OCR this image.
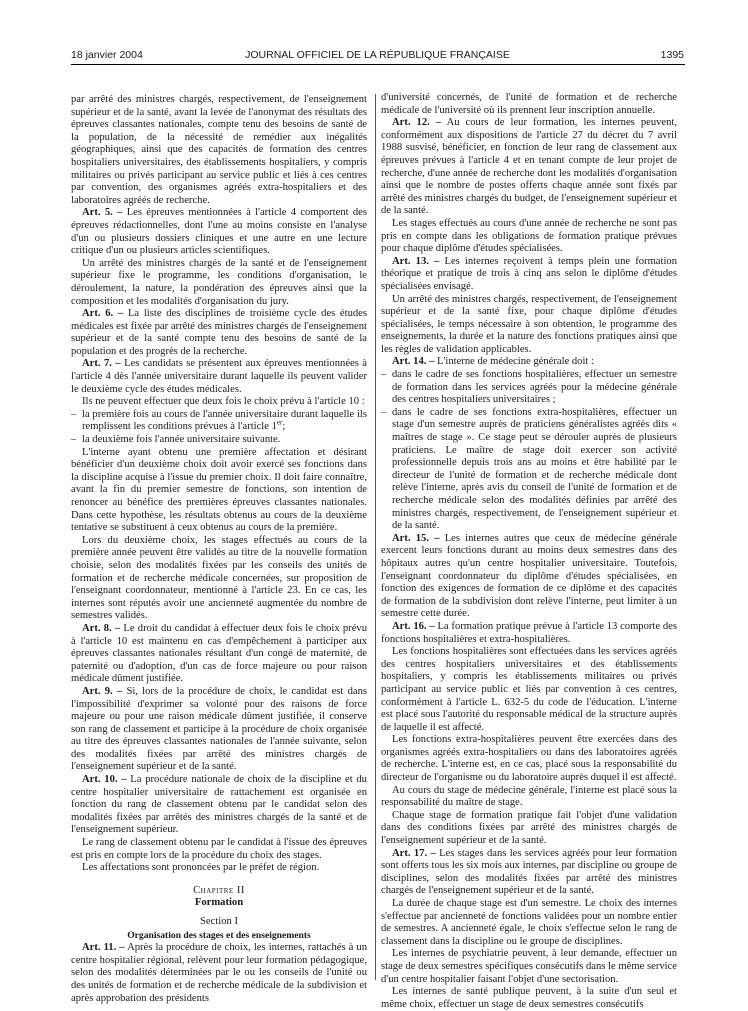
18 janvier 2004	JOURNAL OFFICIEL DE LA RÉPUBLIQUE FRANÇAISE	1395

par arrêté des ministres chargés, respectivement, de l'enseignement supérieur et de la santé, avant la levée de l'anonymat des résultats des épreuves classantes nationales, compte tenu des besoins de santé de la population, de la nécessité de remédier aux inégalités géographiques, ainsi que des capacités de formation des centres hospitaliers universitaires, des établissements hospitaliers, y compris militaires ou privés participant au service public et liés à ces centres par convention, des organismes agréés extra-hospitaliers et des laboratoires agréés de recherche.

Art. 5. – Les épreuves mentionnées à l'article 4 comportent des épreuves rédactionnelles, dont l'une au moins consiste en l'analyse d'un ou plusieurs dossiers cliniques et une autre en une lecture critique d'un ou plusieurs articles scientifiques.

Un arrêté des ministres chargés de la santé et de l'enseignement supérieur fixe le programme, les conditions d'organisation, le déroulement, la nature, la pondération des épreuves ainsi que la composition et les modalités d'organisation du jury.

Art. 6. – La liste des disciplines de troisième cycle des études médicales est fixée par arrêté des ministres chargés de l'enseignement supérieur et de la santé compte tenu des besoins de santé de la population et des progrès de la recherche.

Art. 7. – Les candidats se présentent aux épreuves mentionnées à l'article 4 dès l'année universitaire durant laquelle ils peuvent valider le deuxième cycle des études médicales.

Ils ne peuvent effectuer que deux fois le choix prévu à l'article 10 :

– la première fois au cours de l'année universitaire durant laquelle ils remplissent les conditions prévues à l'article 1er;
– la deuxième fois l'année universitaire suivante.

L'interne ayant obtenu une première affectation et désirant bénéficier d'un deuxième choix doit avoir exercé ses fonctions dans la discipline acquise à l'issue du premier choix. Il doit faire connaître, avant la fin du premier semestre de fonctions, son intention de renoncer au bénéfice des premières épreuves classantes nationales. Dans cette hypothèse, les résultats obtenus au cours de la deuxième tentative se substituent à ceux obtenus au cours de la première.

Lors du deuxième choix, les stages effectués au cours de la première année peuvent être validés au titre de la nouvelle formation choisie, selon des modalités fixées par les conseils des unités de formation et de recherche médicale concernées, sur proposition de l'enseignant coordonnateur, mentionné à l'article 23. En ce cas, les internes sont réputés avoir une ancienneté augmentée du nombre de semestres validés.

Art. 8. – Le droit du candidat à effectuer deux fois le choix prévu à l'article 10 est maintenu en cas d'empêchement à participer aux épreuves classantes nationales résultant d'un congé de maternité, de paternité ou d'adoption, d'un cas de force majeure ou pour raison médicale dûment justifiée.

Art. 9. – Si, lors de la procédure de choix, le candidat est dans l'impossibilité d'exprimer sa volonté pour des raisons de force majeure ou pour une raison médicale dûment justifiée, il conserve son rang de classement et participe à la procédure de choix organisée au titre des épreuves classantes nationales de l'année suivante, selon des modalités fixées par arrêté des ministres chargés de l'enseignement supérieur et de la santé.

Art. 10. – La procédure nationale de choix de la discipline et du centre hospitalier universitaire de rattachement est organisée en fonction du rang de classement obtenu par le candidat selon des modalités fixées par arrêtés des ministres chargés de la santé et de l'enseignement supérieur.

Le rang de classement obtenu par le candidat à l'issue des épreuves est pris en compte lors de la procédure du choix des stages.

Les affectations sont prononcées par le préfet de région.

Chapitre II
Formation
Section I
Organisation des stages et des enseignements

Art. 11. – Après la procédure de choix, les internes, rattachés à un centre hospitalier régional, relèvent pour leur formation pédagogique, selon des modalités déterminées par le ou les conseils de l'unité ou des unités de formation et de recherche médicale de la subdivision et après approbation des présidents

d'université concernés, de l'unité de formation et de recherche médicale de l'université où ils prennent leur inscription annuelle.

Art. 12. – Au cours de leur formation, les internes peuvent, conformément aux dispositions de l'article 27 du décret du 7 avril 1988 susvisé, bénéficier, en fonction de leur rang de classement aux épreuves prévues à l'article 4 et en tenant compte de leur projet de recherche, d'une année de recherche dont les modalités d'organisation ainsi que le nombre de postes offerts chaque année sont fixés par arrêté des ministres chargés du budget, de l'enseignement supérieur et de la santé.

Les stages effectués au cours d'une année de recherche ne sont pas pris en compte dans les obligations de formation pratique prévues pour chaque diplôme d'études spécialisées.

Art. 13. – Les internes reçoivent à temps plein une formation théorique et pratique de trois à cinq ans selon le diplôme d'études spécialisées envisagé.

Un arrêté des ministres chargés, respectivement, de l'enseignement supérieur et de la santé fixe, pour chaque diplôme d'études spécialisées, le temps nécessaire à son obtention, le programme des enseignements, la durée et la nature des fonctions pratiques ainsi que les règles de validation applicables.

Art. 14. – L'interne de médecine générale doit :

– dans le cadre de ses fonctions hospitalières, effectuer un semestre de formation dans les services agréés pour la médecine générale des centres hospitaliers universitaires ;
– dans le cadre de ses fonctions extra-hospitalières, effectuer un stage d'un semestre auprès de praticiens généralistes agréés dits « maîtres de stage ». Ce stage peut se dérouler auprès de plusieurs praticiens. Le maître de stage doit exercer son activité professionnelle depuis trois ans au moins et être habilité par le directeur de l'unité de formation et de recherche médicale dont relève l'interne, après avis du conseil de l'unité de formation et de recherche médicale selon des modalités définies par arrêté des ministres chargés, respectivement, de l'enseignement supérieur et de la santé.

Art. 15. – Les internes autres que ceux de médecine générale exercent leurs fonctions durant au moins deux semestres dans des hôpitaux autres qu'un centre hospitalier universitaire. Toutefois, l'enseignant coordonnateur du diplôme d'études spécialisées, en fonction des exigences de formation de ce diplôme et des capacités de formation de la subdivision dont relève l'interne, peut limiter à un semestre cette durée.

Art. 16. – La formation pratique prévue à l'article 13 comporte des fonctions hospitalières et extra-hospitalières.

Les fonctions hospitalières sont effectuées dans les services agréés des centres hospitaliers universitaires et des établissements hospitaliers, y compris les établissements militaires ou privés participant au service public et liés par convention à ces centres, conformément à l'article L. 632-5 du code de l'éducation. L'interne est placé sous l'autorité du responsable médical de la structure auprès de laquelle il est affecté.

Les fonctions extra-hospitalières peuvent être exercées dans des organismes agréés extra-hospitaliers ou dans des laboratoires agréés de recherche. L'interne est, en ce cas, placé sous la responsabilité du directeur de l'organisme ou du laboratoire auprès duquel il est affecté.

Au cours du stage de médecine générale, l'interne est placé sous la responsabilité du maître de stage.

Chaque stage de formation pratique fait l'objet d'une validation dans des conditions fixées par arrêté des ministres chargés de l'enseignement supérieur et de la santé.

Art. 17. – Les stages dans les services agréés pour leur formation sont offerts tous les six mois aux internes, par discipline ou groupe de disciplines, selon des modalités fixées par arrêté des ministres chargés de l'enseignement supérieur et de la santé.

La durée de chaque stage est d'un semestre. Le choix des internes s'effectue par ancienneté de fonctions validées pour un nombre entier de semestres. A ancienneté égale, le choix s'effectue selon le rang de classement dans la discipline ou le groupe de disciplines.

Les internes de psychiatrie peuvent, à leur demande, effectuer un stage de deux semestres spécifiques consécutifs dans le même service d'un centre hospitalier faisant l'objet d'une sectorisation.

Les internes de santé publique peuvent, à la suite d'un seul et même choix, effectuer un stage de deux semestres consécutifs
